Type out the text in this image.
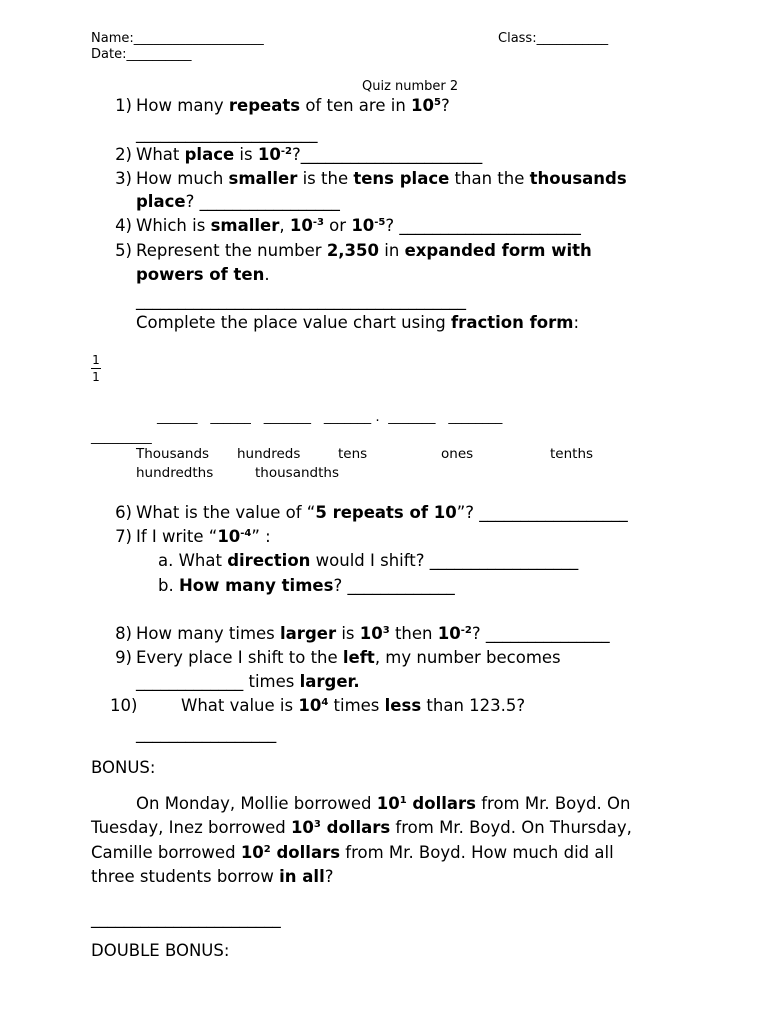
Name:____________________	Class:___________
Date:__________
Quiz number 2
1) How many repeats of ten are in $10^5$?
______________________
2) What place is $10^{-2}?\_\_\_\_\_\_\_\_\_\_\_\_\_\_\_\_\_\_\_\_\_\_$
3) How much smaller is the tens place than the thousands
place? _________________
4) Which is smaller, $10^{-3}$ or $10^{-5}$? ______________________
5) Represent the number 2,350 in expanded form with
powers of ten.
________________________________________
Complete the place value chart using fraction form:
1
1
______   ______   _______   _______ .  _______   ________
_________
Thousands hundreds	tens	ones	tenths
hundredths	thousandths
6) What is the value of “5 repeats of 10”? __________________
7) If I write “$10^{-4}$” :
a. What direction would I shift? __________________
b. How many times? _____________
8) How many times larger is $10^3$ then $10^{-2}$? _______________
9) Every place I shift to the left, my number becomes
_____________ times larger.
10)	What value is $10^4$ times less than 123.5?
_________________
BONUS:
On Monday, Mollie borrowed $10^1$ dollars from Mr. Boyd. On
Tuesday, Inez borrowed $10^3$ dollars from Mr. Boyd. On Thursday,
Camille borrowed $10^2$ dollars from Mr. Boyd. How much did all
three students borrow in all?
_______________________
DOUBLE BONUS:
